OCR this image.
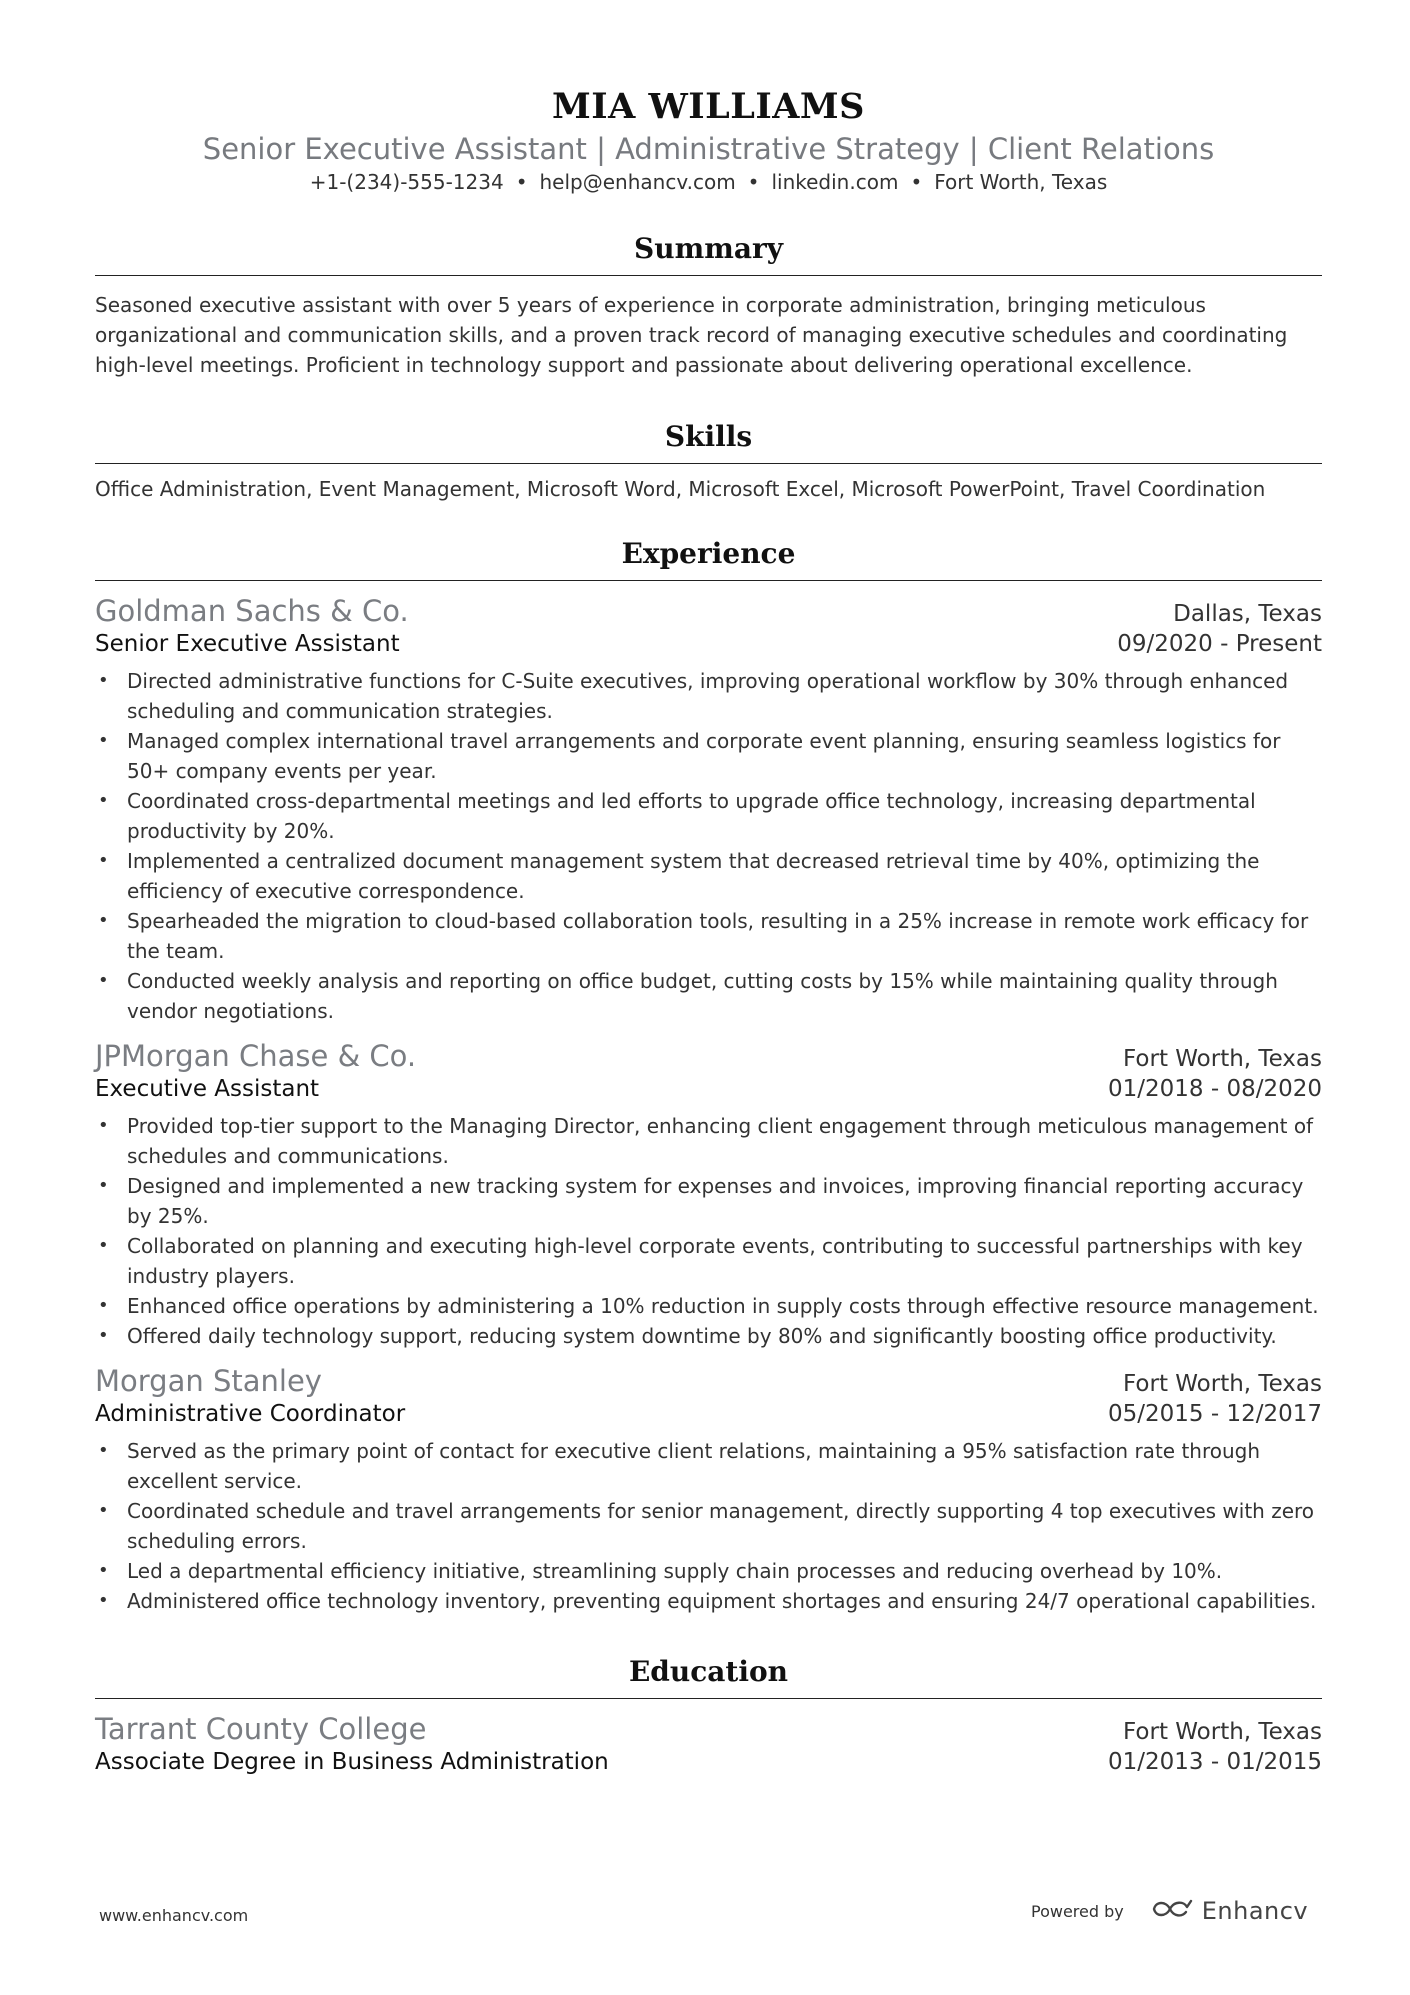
MIA WILLIAMS
Senior Executive Assistant | Administrative Strategy | Client Relations
+1-(234)-555-1234 • help@enhancv.com • linkedin.com • Fort Worth, Texas
Summary

Seasoned executive assistant with over 5 years of experience in corporate administration, bringing meticulous organizational and communication skills, and a proven track record of managing executive schedules and coordinating high-level meetings. Proficient in technology support and passionate about delivering operational excellence.

Skills

Office Administration, Event Management, Microsoft Word, Microsoft Excel, Microsoft PowerPoint, Travel Coordination

Experience
Goldman Sachs & Co.	Dallas, Texas
Senior Executive Assistant	09/2020 - Present
• Directed administrative functions for C-Suite executives, improving operational workflow by 30% through enhanced scheduling and communication strategies.
• Managed complex international travel arrangements and corporate event planning, ensuring seamless logistics for 50+ company events per year.
• Coordinated cross-departmental meetings and led efforts to upgrade office technology, increasing departmental productivity by 20%.
• Implemented a centralized document management system that decreased retrieval time by 40%, optimizing the efficiency of executive correspondence.
• Spearheaded the migration to cloud-based collaboration tools, resulting in a 25% increase in remote work efficacy for the team.
• Conducted weekly analysis and reporting on office budget, cutting costs by 15% while maintaining quality through vendor negotiations.
JPMorgan Chase & Co.	Fort Worth, Texas
Executive Assistant	01/2018 - 08/2020
• Provided top-tier support to the Managing Director, enhancing client engagement through meticulous management of schedules and communications.
• Designed and implemented a new tracking system for expenses and invoices, improving financial reporting accuracy by 25%.
• Collaborated on planning and executing high-level corporate events, contributing to successful partnerships with key industry players.
• Enhanced office operations by administering a 10% reduction in supply costs through effective resource management.
• Offered daily technology support, reducing system downtime by 80% and significantly boosting office productivity.
Morgan Stanley	Fort Worth, Texas
Administrative Coordinator	05/2015 - 12/2017
• Served as the primary point of contact for executive client relations, maintaining a 95% satisfaction rate through excellent service.
• Coordinated schedule and travel arrangements for senior management, directly supporting 4 top executives with zero scheduling errors.
• Led a departmental efficiency initiative, streamlining supply chain processes and reducing overhead by 10%.
• Administered office technology inventory, preventing equipment shortages and ensuring 24/7 operational capabilities.
Education
Tarrant County College	Fort Worth, Texas
Associate Degree in Business Administration	01/2013 - 01/2015
www.enhancv.com	Powered by	Enhancv
